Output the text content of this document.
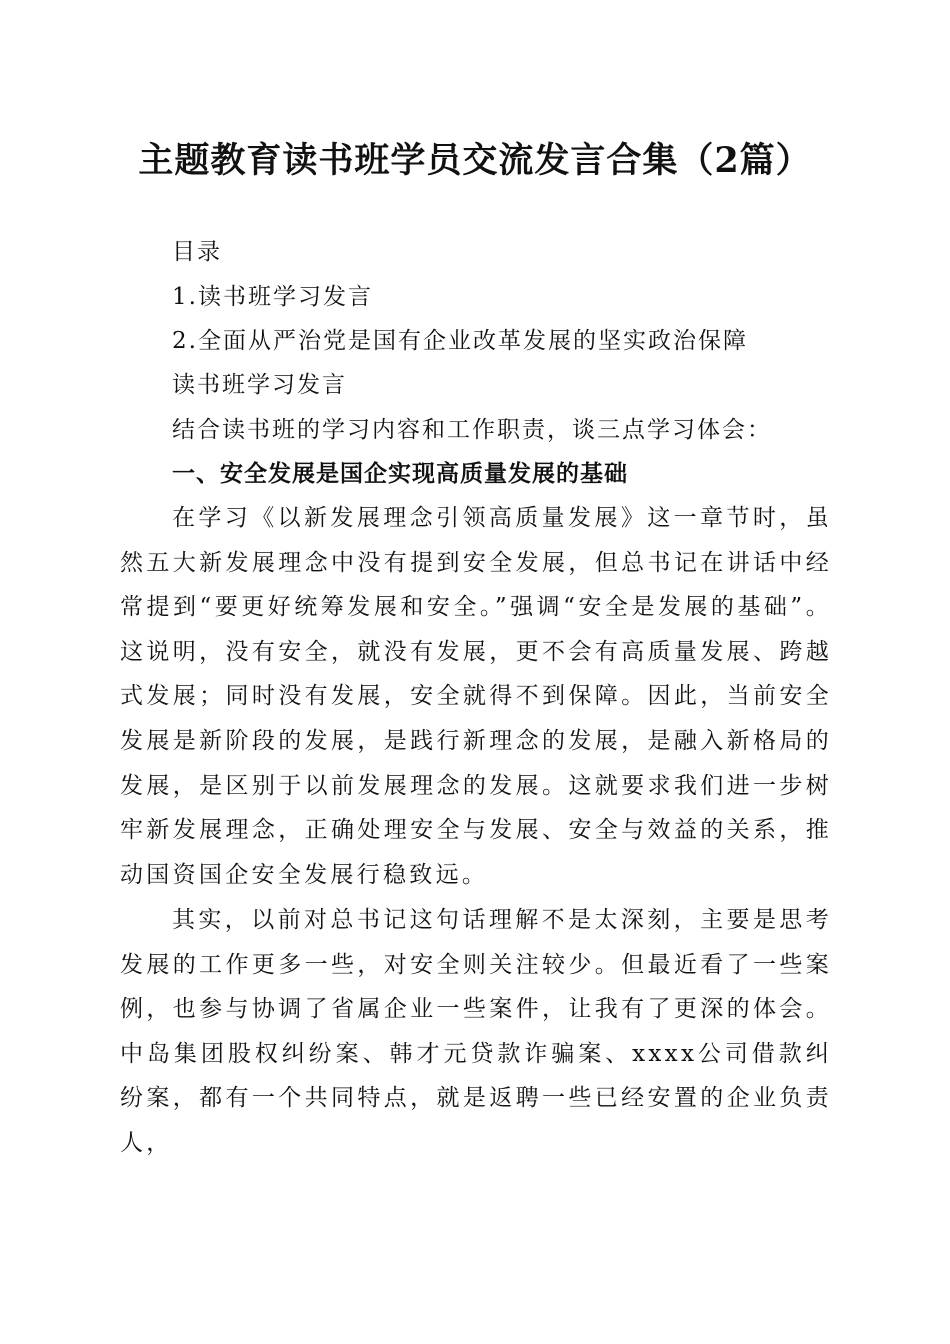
主题教育读书班学员交流发言合集（2篇）
目录
1.读书班学习发言
2.全面从严治党是国有企业改革发展的坚实政治保障
读书班学习发言
结合读书班的学习内容和工作职责，谈三点学习体会：
一、安全发展是国企实现高质量发展的基础

在学习《以新发展理念引领高质量发展》这一章节时，虽然五大新发展理念中没有提到安全发展，但总书记在讲话中经常提到“要更好统筹发展和安全。”强调“安全是发展的基础”。这说明，没有安全，就没有发展，更不会有高质量发展、跨越式发展；同时没有发展，安全就得不到保障。因此，当前安全发展是新阶段的发展，是践行新理念的发展，是融入新格局的发展，是区别于以前发展理念的发展。这就要求我们进一步树牢新发展理念，正确处理安全与发展、安全与效益的关系，推动国资国企安全发展行稳致远。

其实，以前对总书记这句话理解不是太深刻，主要是思考发展的工作更多一些，对安全则关注较少。但最近看了一些案例，也参与协调了省属企业一些案件，让我有了更深的体会。中岛集团股权纠纷案、韩才元贷款诈骗案、xxxx公司借款纠纷案，都有一个共同特点，就是返聘一些已经安置的企业负责人，
